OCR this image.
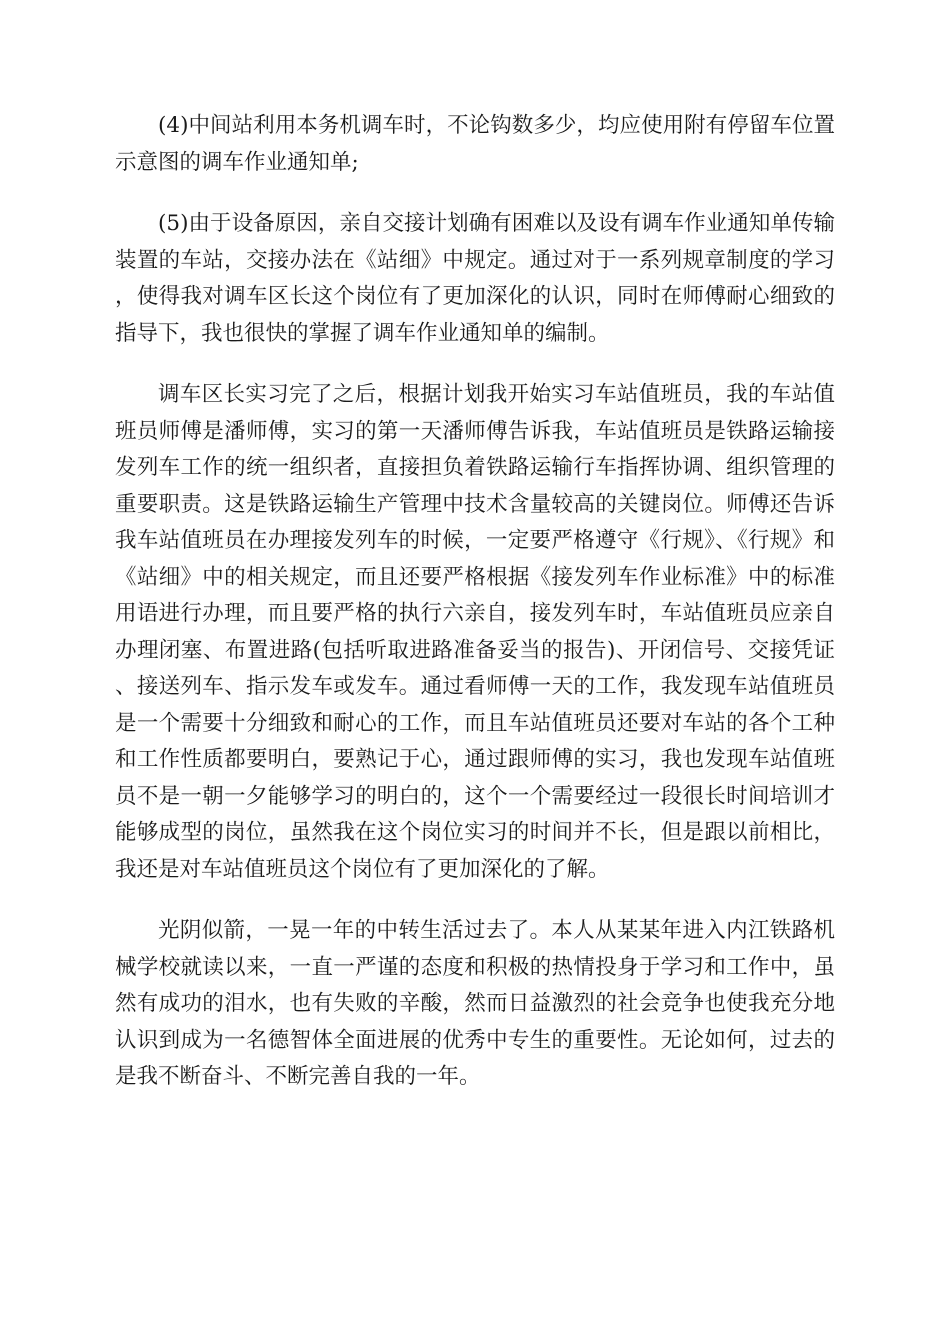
(4)中间站利用本务机调车时，不论钩数多少，均应使用附有停留车位置示意图的调车作业通知单;

(5)由于设备原因，亲自交接计划确有困难以及设有调车作业通知单传输装置的车站，交接办法在《站细》中规定。通过对于一系列规章制度的学习，使得我对调车区长这个岗位有了更加深化的认识，同时在师傅耐心细致的指导下，我也很快的掌握了调车作业通知单的编制。

调车区长实习完了之后，根据计划我开始实习车站值班员，我的车站值班员师傅是潘师傅，实习的第一天潘师傅告诉我，车站值班员是铁路运输接发列车工作的统一组织者，直接担负着铁路运输行车指挥协调、组织管理的重要职责。这是铁路运输生产管理中技术含量较高的关键岗位。师傅还告诉我车站值班员在办理接发列车的时候，一定要严格遵守《行规》、《行规》和《站细》中的相关规定，而且还要严格根据《接发列车作业标准》中的标准用语进行办理，而且要严格的执行六亲自，接发列车时，车站值班员应亲自办理闭塞、布置进路(包括听取进路准备妥当的报告)、开闭信号、交接凭证、接送列车、指示发车或发车。通过看师傅一天的工作，我发现车站值班员是一个需要十分细致和耐心的工作，而且车站值班员还要对车站的各个工种和工作性质都要明白，要熟记于心，通过跟师傅的实习，我也发现车站值班员不是一朝一夕能够学习的明白的，这个一个需要经过一段很长时间培训才能够成型的岗位，虽然我在这个岗位实习的时间并不长，但是跟以前相比，我还是对车站值班员这个岗位有了更加深化的了解。

光阴似箭，一晃一年的中转生活过去了。本人从某某年进入内江铁路机械学校就读以来，一直一严谨的态度和积极的热情投身于学习和工作中，虽然有成功的泪水，也有失败的辛酸，然而日益激烈的社会竞争也使我充分地认识到成为一名德智体全面进展的优秀中专生的重要性。无论如何，过去的是我不断奋斗、不断完善自我的一年。
